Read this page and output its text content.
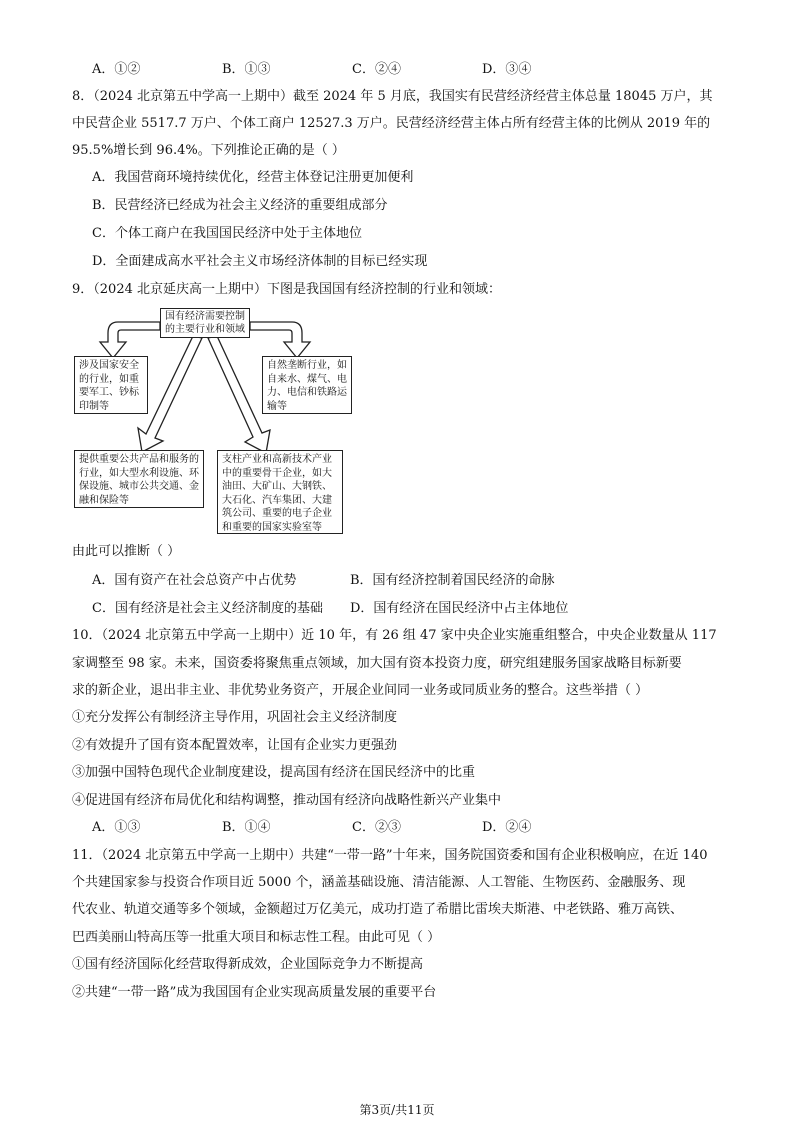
A．①②	B．①③	C．②④	D．③④
8．（2024 北京第五中学高一上期中）截至 2024 年 5 月底，我国实有民营经济经营主体总量 18045 万户，其
中民营企业 5517.7 万户、个体工商户 12527.3 万户。民营经济经营主体占所有经营主体的比例从 2019 年的
95.5%增长到 96.4%。下列推论正确的是（ ）
A．我国营商环境持续优化，经营主体登记注册更加便利
B．民营经济已经成为社会主义经济的重要组成部分
C．个体工商户在我国国民经济中处于主体地位
D．全面建成高水平社会主义市场经济体制的目标已经实现
9．（2024 北京延庆高一上期中）下图是我国国有经济控制的行业和领域：
国有经济需要控制的主要行业和领域
涉及国家安全的行业，如重要军工、钞标印制等
自然垄断行业，如自来水、煤气、电力、电信和铁路运输等
提供重要公共产品和服务的行业，如大型水利设施、环保设施、城市公共交通、金融和保险等
支柱产业和高新技术产业中的重要骨干企业，如大油田、大矿山、大钢铁、大石化、汽车集团、大建筑公司、重要的电子企业和重要的国家实验室等
由此可以推断（ ）
A．国有资产在社会总资产中占优势	B．国有经济控制着国民经济的命脉
C．国有经济是社会主义经济制度的基础	D．国有经济在国民经济中占主体地位
10．（2024 北京第五中学高一上期中）近 10 年，有 26 组 47 家中央企业实施重组整合，中央企业数量从 117
家调整至 98 家。未来，国资委将聚焦重点领域，加大国有资本投资力度，研究组建服务国家战略目标新要
求的新企业，退出非主业、非优势业务资产，开展企业间同一业务或同质业务的整合。这些举措（ ）
①充分发挥公有制经济主导作用，巩固社会主义经济制度
②有效提升了国有资本配置效率，让国有企业实力更强劲
③加强中国特色现代企业制度建设，提高国有经济在国民经济中的比重
④促进国有经济布局优化和结构调整，推动国有经济向战略性新兴产业集中
A．①③	B．①④	C．②③	D．②④
11．（2024 北京第五中学高一上期中）共建“一带一路”十年来，国务院国资委和国有企业积极响应，在近 140
个共建国家参与投资合作项目近 5000 个，涵盖基础设施、清洁能源、人工智能、生物医药、金融服务、现
代农业、轨道交通等多个领域，金额超过万亿美元，成功打造了希腊比雷埃夫斯港、中老铁路、雅万高铁、
巴西美丽山特高压等一批重大项目和标志性工程。由此可见（ ）
①国有经济国际化经营取得新成效，企业国际竞争力不断提高
②共建“一带一路”成为我国国有企业实现高质量发展的重要平台
第3页/共11页
